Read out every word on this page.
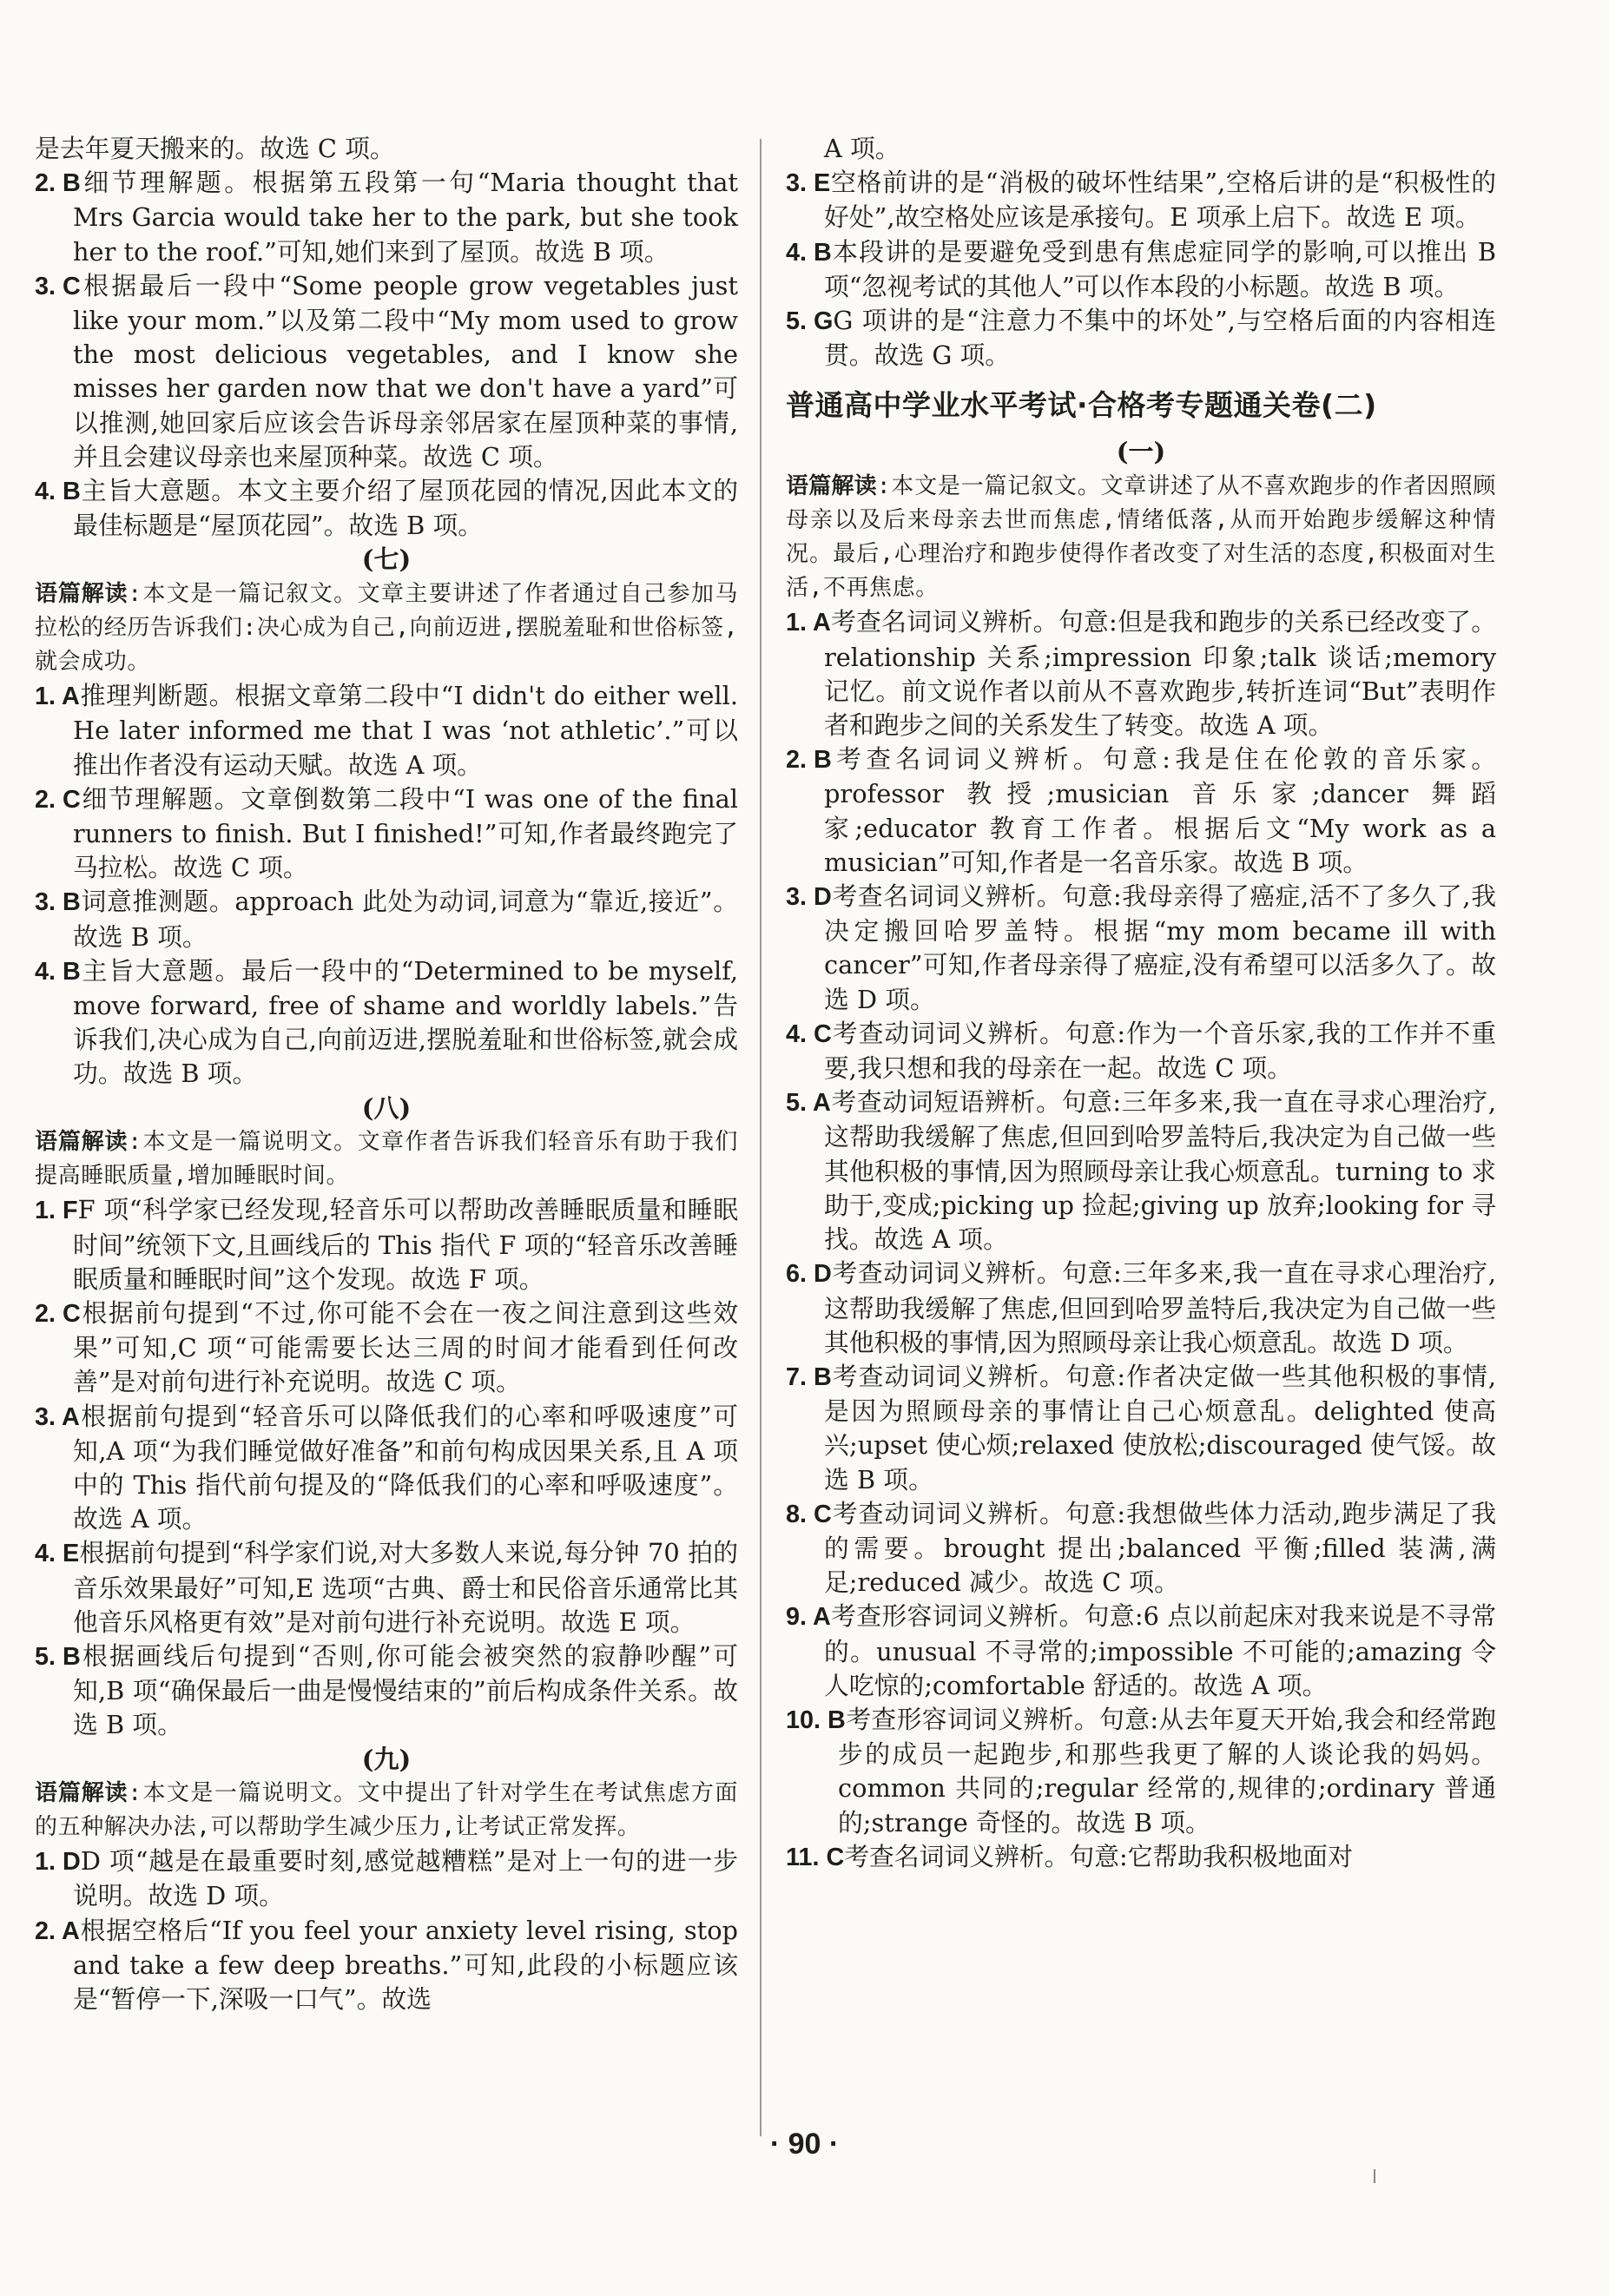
是去年夏天搬来的。故选 C 项。

2. B细节理解题。根据第五段第一句“Maria thought that Mrs Garcia would take her to the park, but she took her to the roof.”可知,她们来到了屋顶。故选 B 项。

3. C根据最后一段中“Some people grow vegetables just like your mom.”以及第二段中“My mom used to grow the most delicious vegetables, and I know she misses her garden now that we don't have a yard”可以推测,她回家后应该会告诉母亲邻居家在屋顶种菜的事情,并且会建议母亲也来屋顶种菜。故选 C 项。

4. B主旨大意题。本文主要介绍了屋顶花园的情况,因此本文的最佳标题是“屋顶花园”。故选 B 项。

(七)

语篇解读:本文是一篇记叙文。文章主要讲述了作者通过自己参加马拉松的经历告诉我们:决心成为自己,向前迈进,摆脱羞耻和世俗标签,就会成功。

1. A推理判断题。根据文章第二段中“I didn't do either well. He later informed me that I was ‘not athletic’.”可以推出作者没有运动天赋。故选 A 项。

2. C细节理解题。文章倒数第二段中“I was one of the final runners to finish. But I finished!”可知,作者最终跑完了马拉松。故选 C 项。

3. B词意推测题。approach 此处为动词,词意为“靠近,接近”。故选 B 项。

4. B主旨大意题。最后一段中的“Determined to be myself, move forward, free of shame and worldly labels.”告诉我们,决心成为自己,向前迈进,摆脱羞耻和世俗标签,就会成功。故选 B 项。

(八)

语篇解读:本文是一篇说明文。文章作者告诉我们轻音乐有助于我们提高睡眠质量,增加睡眠时间。

1. FF 项“科学家已经发现,轻音乐可以帮助改善睡眠质量和睡眠时间”统领下文,且画线后的 This 指代 F 项的“轻音乐改善睡眠质量和睡眠时间”这个发现。故选 F 项。

2. C根据前句提到“不过,你可能不会在一夜之间注意到这些效果”可知,C 项“可能需要长达三周的时间才能看到任何改善”是对前句进行补充说明。故选 C 项。

3. A根据前句提到“轻音乐可以降低我们的心率和呼吸速度”可知,A 项“为我们睡觉做好准备”和前句构成因果关系,且 A 项中的 This 指代前句提及的“降低我们的心率和呼吸速度”。故选 A 项。

4. E根据前句提到“科学家们说,对大多数人来说,每分钟 70 拍的音乐效果最好”可知,E 选项“古典、爵士和民俗音乐通常比其他音乐风格更有效”是对前句进行补充说明。故选 E 项。

5. B根据画线后句提到“否则,你可能会被突然的寂静吵醒”可知,B 项“确保最后一曲是慢慢结束的”前后构成条件关系。故选 B 项。

(九)

语篇解读:本文是一篇说明文。文中提出了针对学生在考试焦虑方面的五种解决办法,可以帮助学生减少压力,让考试正常发挥。

1. DD 项“越是在最重要时刻,感觉越糟糕”是对上一句的进一步说明。故选 D 项。

2. A根据空格后“If you feel your anxiety level rising, stop and take a few deep breaths.”可知,此段的小标题应该是“暂停一下,深吸一口气”。故选

A 项。

3. E空格前讲的是“消极的破坏性结果”,空格后讲的是“积极性的好处”,故空格处应该是承接句。E 项承上启下。故选 E 项。

4. B本段讲的是要避免受到患有焦虑症同学的影响,可以推出 B 项“忽视考试的其他人”可以作本段的小标题。故选 B 项。

5. GG 项讲的是“注意力不集中的坏处”,与空格后面的内容相连贯。故选 G 项。

普通高中学业水平考试·合格考专题通关卷(二)

(一)

语篇解读:本文是一篇记叙文。文章讲述了从不喜欢跑步的作者因照顾母亲以及后来母亲去世而焦虑,情绪低落,从而开始跑步缓解这种情况。最后,心理治疗和跑步使得作者改变了对生活的态度,积极面对生活,不再焦虑。

1. A考查名词词义辨析。句意:但是我和跑步的关系已经改变了。relationship 关系;impression 印象;talk 谈话;memory 记忆。前文说作者以前从不喜欢跑步,转折连词“But”表明作者和跑步之间的关系发生了转变。故选 A 项。

2. B考查名词词义辨析。句意:我是住在伦敦的音乐家。professor 教授;musician 音乐家;dancer 舞蹈家;educator 教育工作者。根据后文“My work as a musician”可知,作者是一名音乐家。故选 B 项。

3. D考查名词词义辨析。句意:我母亲得了癌症,活不了多久了,我决定搬回哈罗盖特。根据“my mom became ill with cancer”可知,作者母亲得了癌症,没有希望可以活多久了。故选 D 项。

4. C考查动词词义辨析。句意:作为一个音乐家,我的工作并不重要,我只想和我的母亲在一起。故选 C 项。

5. A考查动词短语辨析。句意:三年多来,我一直在寻求心理治疗,这帮助我缓解了焦虑,但回到哈罗盖特后,我决定为自己做一些其他积极的事情,因为照顾母亲让我心烦意乱。turning to 求助于,变成;picking up 捡起;giving up 放弃;looking for 寻找。故选 A 项。

6. D考查动词词义辨析。句意:三年多来,我一直在寻求心理治疗,这帮助我缓解了焦虑,但回到哈罗盖特后,我决定为自己做一些其他积极的事情,因为照顾母亲让我心烦意乱。故选 D 项。

7. B考查动词词义辨析。句意:作者决定做一些其他积极的事情,是因为照顾母亲的事情让自己心烦意乱。delighted 使高兴;upset 使心烦;relaxed 使放松;discouraged 使气馁。故选 B 项。

8. C考查动词词义辨析。句意:我想做些体力活动,跑步满足了我的需要。brought 提出;balanced 平衡;filled 装满,满足;reduced 减少。故选 C 项。

9. A考查形容词词义辨析。句意:6 点以前起床对我来说是不寻常的。unusual 不寻常的;impossible 不可能的;amazing 令人吃惊的;comfortable 舒适的。故选 A 项。

10. B考查形容词词义辨析。句意:从去年夏天开始,我会和经常跑步的成员一起跑步,和那些我更了解的人谈论我的妈妈。common 共同的;regular 经常的,规律的;ordinary 普通的;strange 奇怪的。故选 B 项。

11. C考查名词词义辨析。句意:它帮助我积极地面对

· 90 ·
